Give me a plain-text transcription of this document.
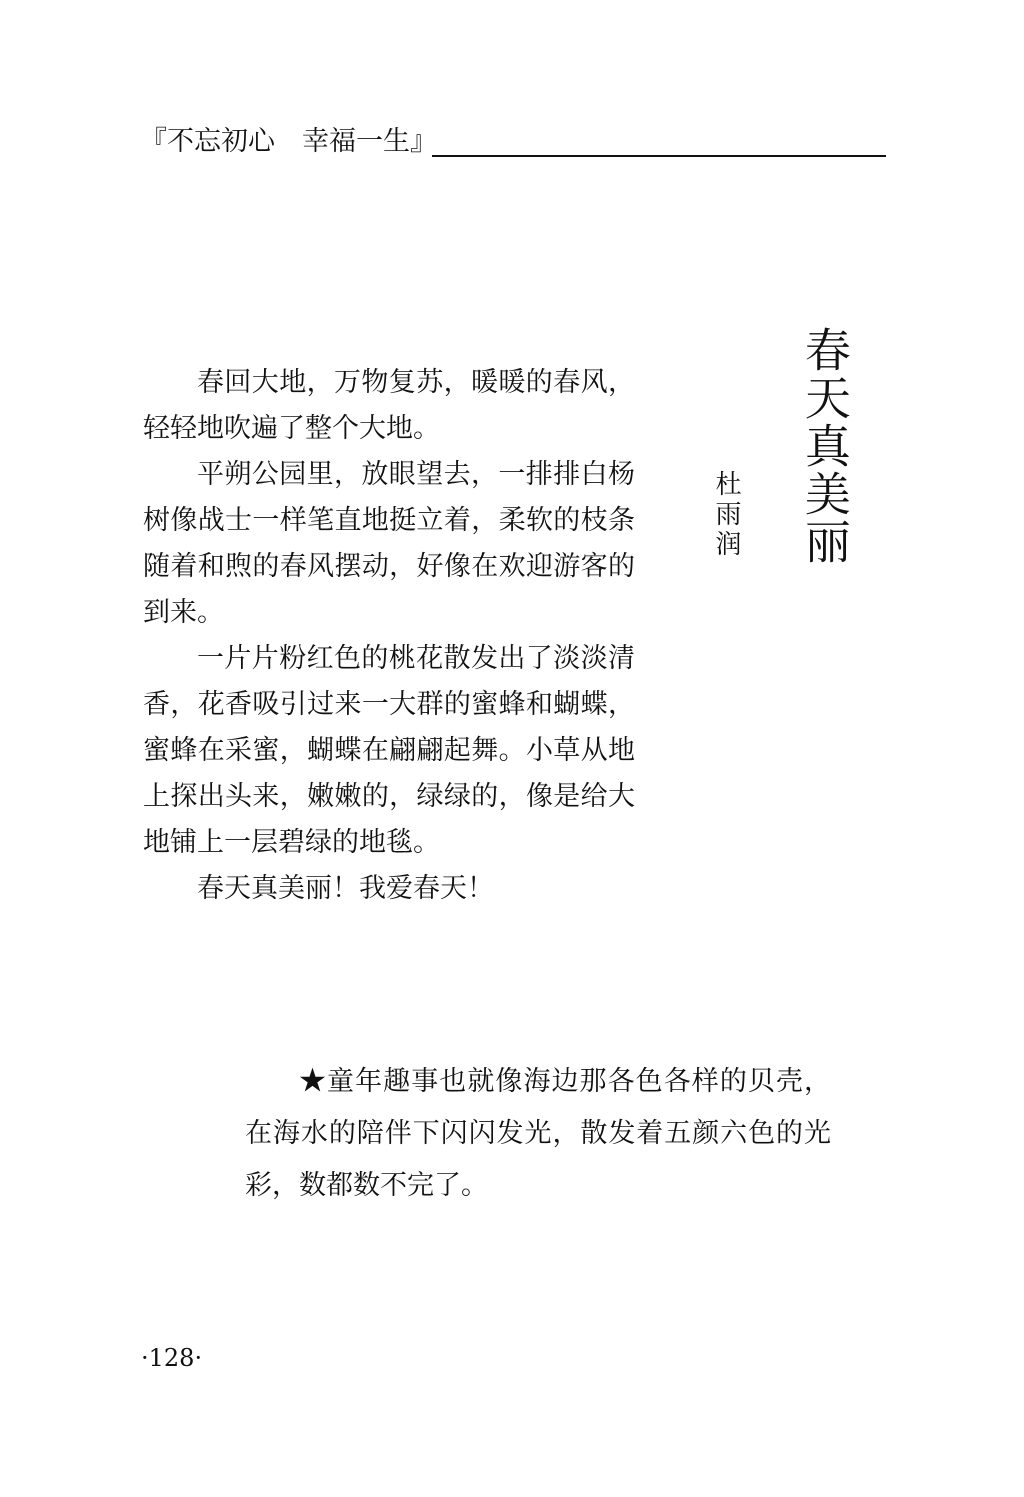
『不忘初心　幸福一生』
春天真美丽
杜雨润

春回大地，万物复苏，暖暖的春风，轻轻地吹遍了整个大地。

平朔公园里，放眼望去，一排排白杨树像战士一样笔直地挺立着，柔软的枝条随着和煦的春风摆动，好像在欢迎游客的到来。

一片片粉红色的桃花散发出了淡淡清香，花香吸引过来一大群的蜜蜂和蝴蝶，蜜蜂在采蜜，蝴蝶在翩翩起舞。小草从地上探出头来，嫩嫩的，绿绿的，像是给大地铺上一层碧绿的地毯。

春天真美丽！我爱春天！

★童年趣事也就像海边那各色各样的贝壳，在海水的陪伴下闪闪发光，散发着五颜六色的光彩，数都数不完了。

·128·
